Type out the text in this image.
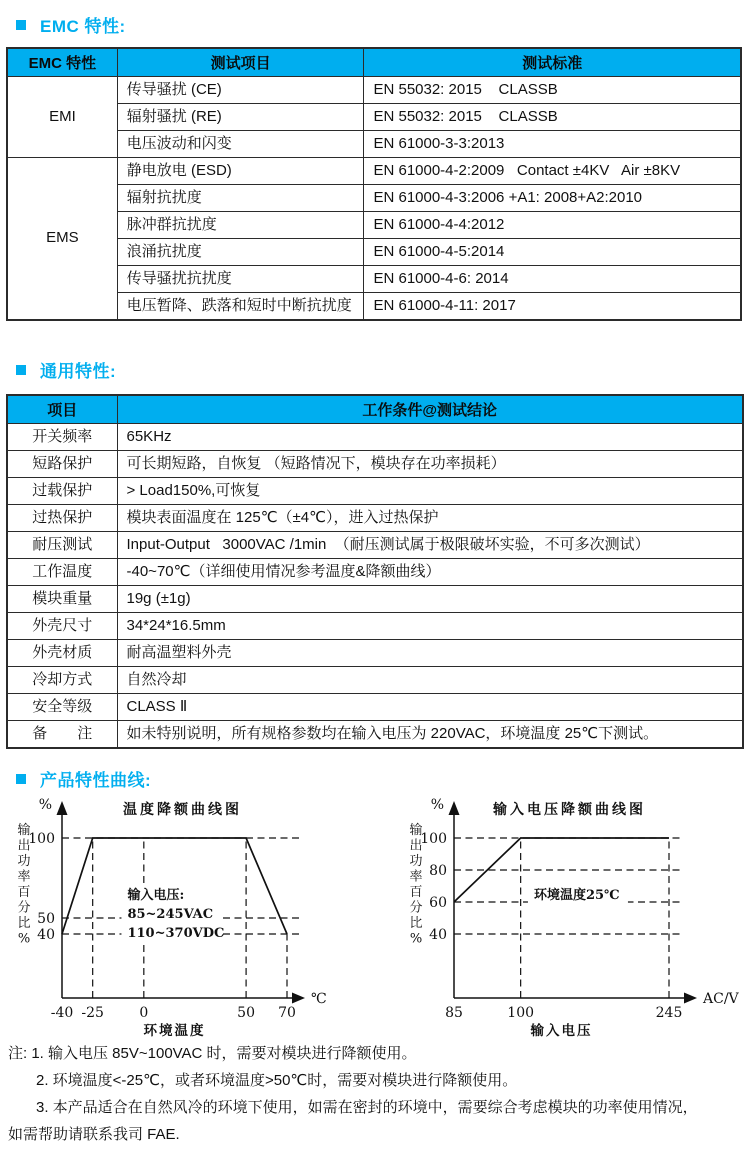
EMC 特性:
EMC 特性	测试项目	测试标准
EMI	传导骚扰 (CE)	EN 55032: 2015    CLASSB
	辐射骚扰 (RE)	EN 55032: 2015    CLASSB
	电压波动和闪变	EN 61000-3-3:2013
EMS	静电放电 (ESD)	EN 61000-4-2:2009   Contact ±4KV   Air ±8KV
	辐射抗扰度	EN 61000-4-3:2006 +A1: 2008+A2:2010
	脉冲群抗扰度	EN 61000-4-4:2012
	浪涌抗扰度	EN 61000-4-5:2014
	传导骚扰抗扰度	EN 61000-4-6: 2014
	电压暂降、跌落和短时中断抗扰度	EN 61000-4-11: 2017
通用特性:
项目	工作条件@测试结论
开关频率	65KHz
短路保护	可长期短路，自恢复 （短路情况下，模块存在功率损耗）
过载保护	> Load150%,可恢复
过热保护	模块表面温度在 125℃（±4℃），进入过热保护
耐压测试	Input-Output   3000VAC /1min  （耐压测试属于极限破坏实验，不可多次测试）
工作温度	-40~70℃（详细使用情况参考温度&降额曲线）
模块重量	19g (±1g)
外壳尺寸	34*24*16.5mm
外壳材质	耐高温塑料外壳
冷却方式	自然冷却
安全等级	CLASS Ⅱ
备　　注	如未特别说明，所有规格参数均在输入电压为 220VAC，环境温度 25℃下测试。
产品特性曲线:
输入电压:
85~245VAC
110~370VDC
100
50
40
-40 -25	0	50 70
%
℃
温度降额曲线图
环境温度
输
出
功
率
百
分
比
%
环境温度25℃
100
80
60
40
85	100	245
%
AC/V
输入电压降额曲线图
输入电压
输
出
功
率
百
分
比
%
注: 1. 输入电压 85V~100VAC 时，需要对模块进行降额使用。
2. 环境温度<-25℃，或者环境温度>50℃时，需要对模块进行降额使用。
3. 本产品适合在自然风冷的环境下使用，如需在密封的环境中，需要综合考虑模块的功率使用情况，
如需帮助请联系我司 FAE.
